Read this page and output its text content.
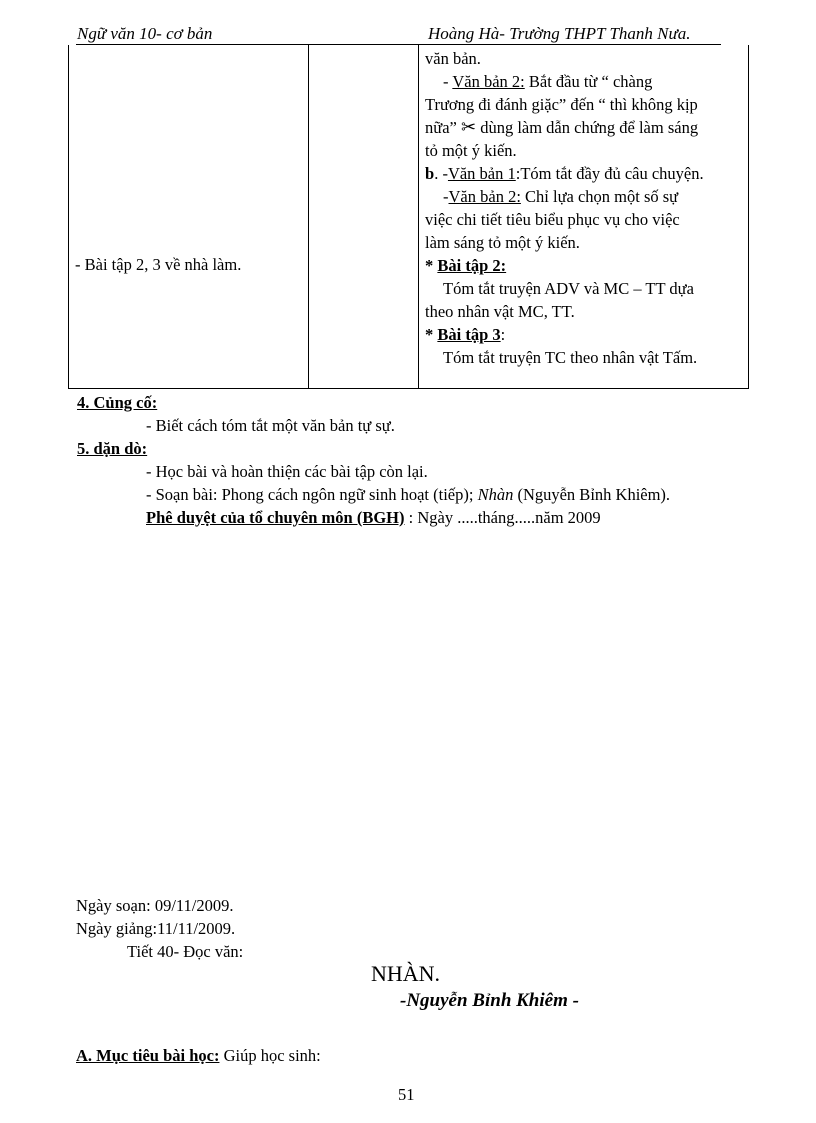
Ngữ văn 10- cơ bản	Hoàng Hà- Trường THPT Thanh Nưa.
- Bài tập 2, 3 về nhà làm.

văn bản.

- Văn bản 2: Bắt đầu từ “ chàng

Trương đi đánh giặc” đến “ thì không kịp

nữa” ✂ dùng làm dẫn chứng để làm sáng

tỏ một ý kiến.

b. -Văn bản 1:Tóm tắt đầy đủ câu chuyện.

-Văn bản 2: Chỉ lựa chọn một số sự

việc chi tiết tiêu biểu phục vụ cho việc

làm sáng tỏ một ý kiến.

* Bài tập 2:

Tóm tắt truyện ADV và MC – TT dựa

theo nhân vật MC, TT.

* Bài tập 3:

Tóm tắt truyện TC theo nhân vật Tấm.

4. Củng cố:
- Biết cách tóm tắt một văn bản tự sự.
5. dặn dò:
- Học bài và hoàn thiện các bài tập còn lại.
- Soạn bài: Phong cách ngôn ngữ sinh hoạt (tiếp); Nhàn (Nguyễn Bỉnh Khiêm).
Phê duyệt của tổ chuyên môn (BGH) : Ngày .....tháng.....năm 2009
Ngày soạn: 09/11/2009.
Ngày giảng:11/11/2009.
Tiết 40- Đọc văn:
NHÀN.
-Nguyễn Bỉnh Khiêm -
A. Mục tiêu bài học: Giúp học sinh:
51
